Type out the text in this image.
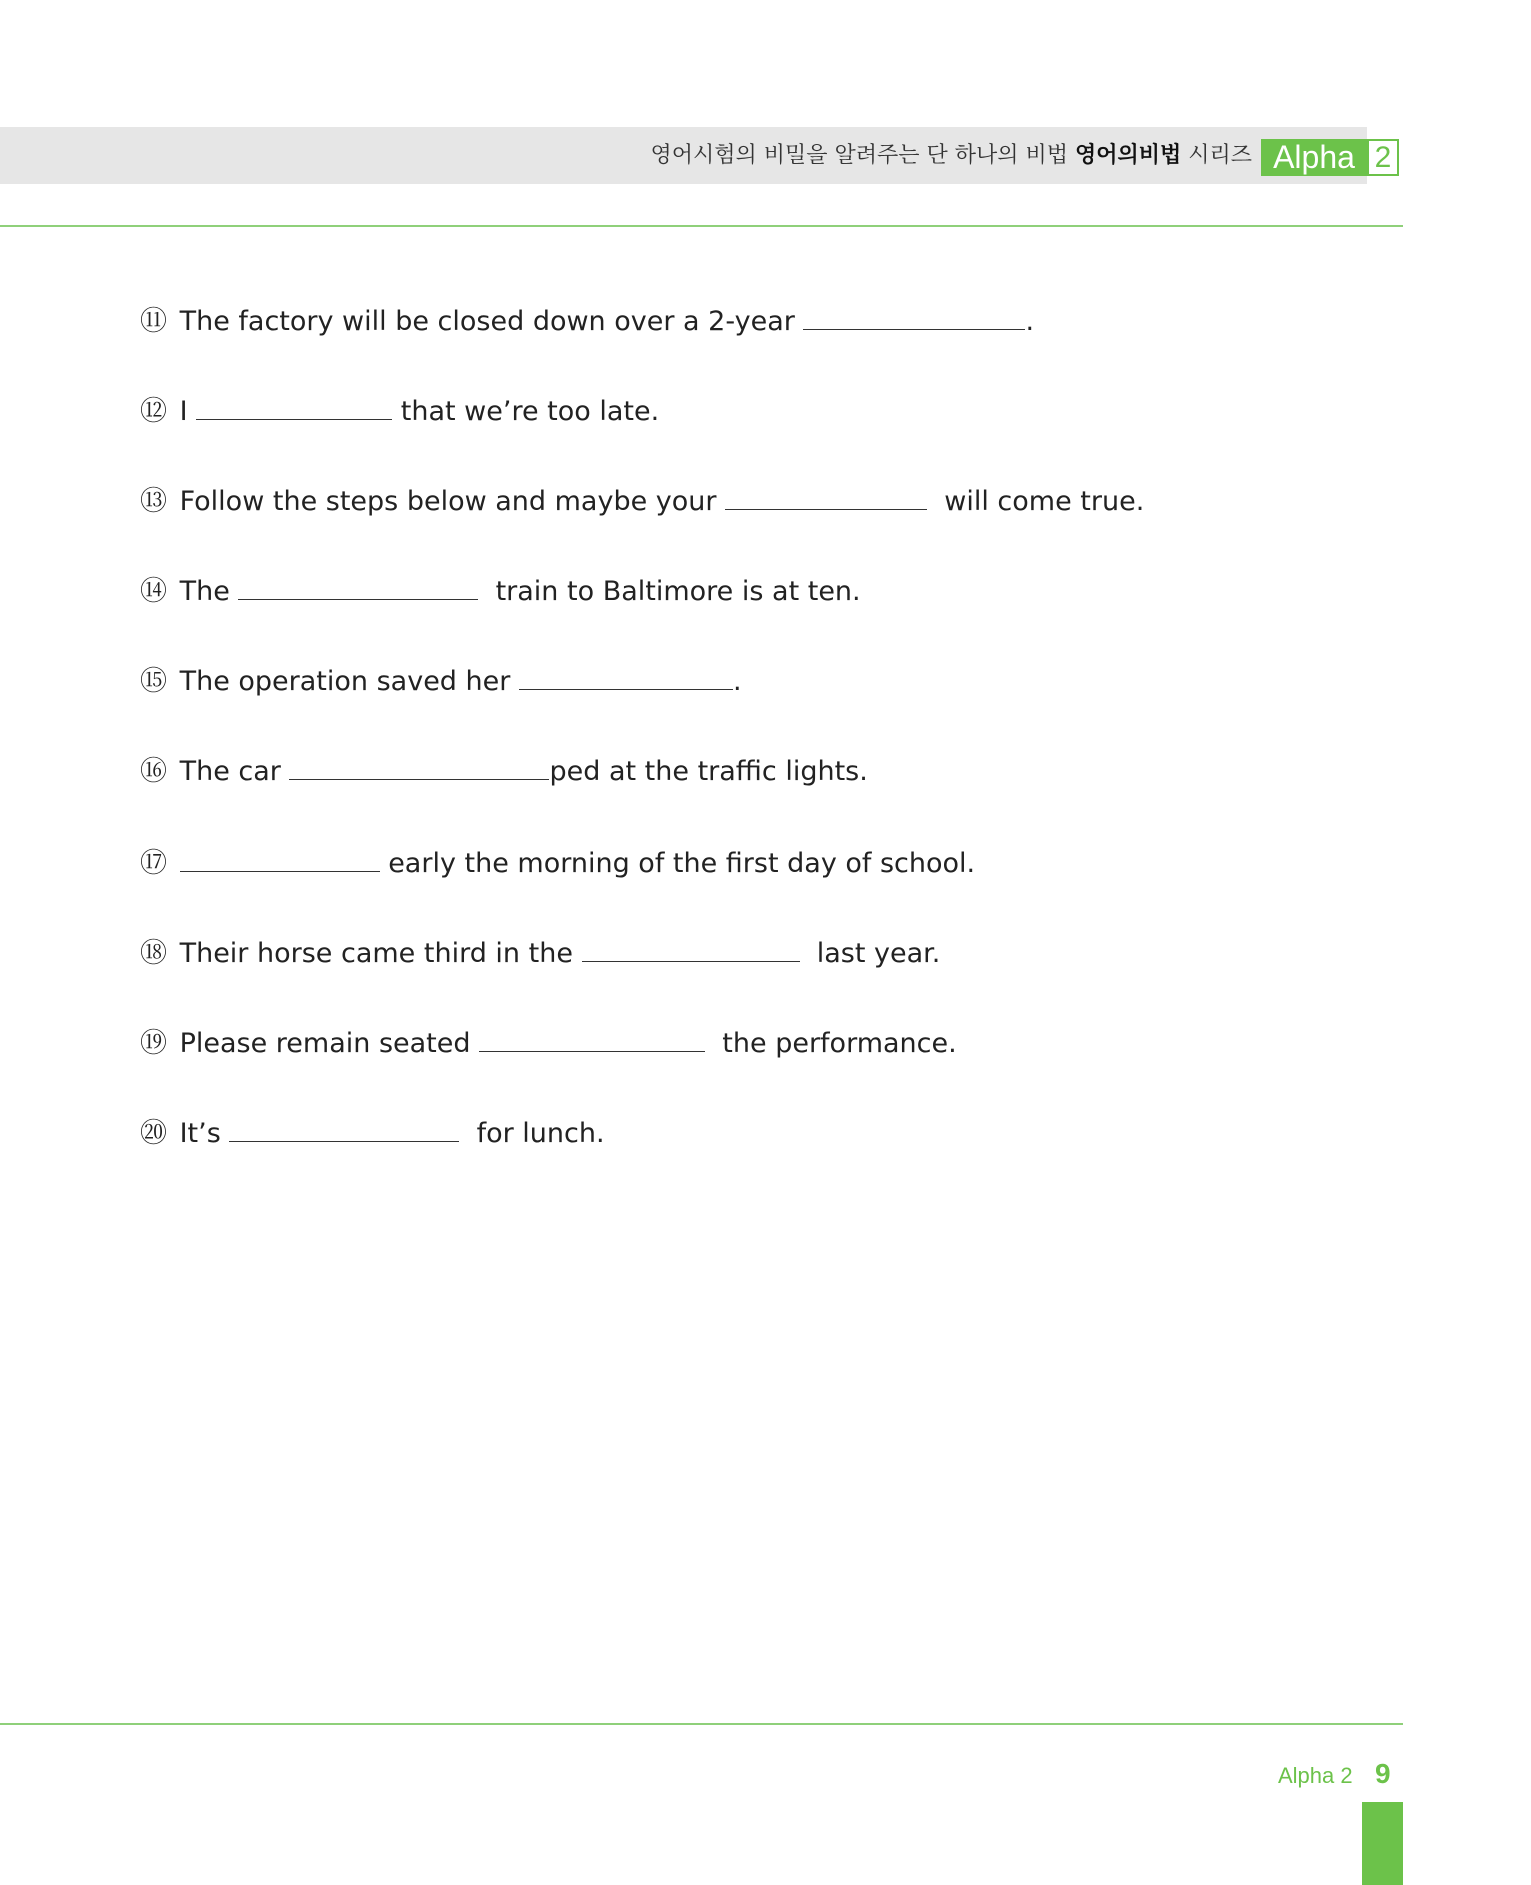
영어시험의 비밀을 알려주는 단 하나의 비법 영어의비법 시리즈 Alpha 2
⑪ The factory will be closed down over a 2-year	.
⑫ I	that we’re too late.
⑬ Follow the steps below and maybe your	will come true.
⑭ The	train to Baltimore is at ten.
⑮ The operation saved her	.
⑯ The car	ped at the traffic lights.
⑰	early the morning of the first day of school.
⑱ Their horse came third in the	last year.
⑲ Please remain seated	the performance.
⑳ It’s	for lunch.
Alpha 2 9
